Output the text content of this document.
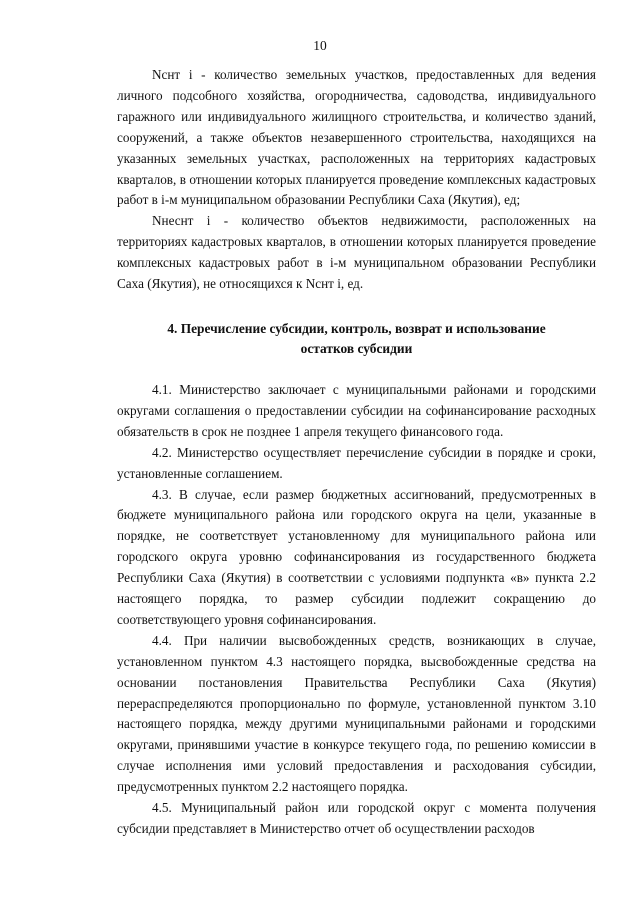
10

Nснт i - количество земельных участков, предоставленных для ведения личного подсобного хозяйства, огородничества, садоводства, индивидуального гаражного или индивидуального жилищного строительства, и количество зданий, сооружений, а также объектов незавершенного строительства, находящихся на указанных земельных участках, расположенных на территориях кадастровых кварталов, в отношении которых планируется проведение комплексных кадастровых работ в i-м муниципальном образовании Республики Саха (Якутия), ед;

Nнеснт i - количество объектов недвижимости, расположенных на территориях кадастровых кварталов, в отношении которых планируется проведение комплексных кадастровых работ в i-м муниципальном образовании Республики Саха (Якутия), не относящихся к Nснт i, ед.

4. Перечисление субсидии, контроль, возврат и использование остатков субсидии

4.1. Министерство заключает с муниципальными районами и городскими округами соглашения о предоставлении субсидии на софинансирование расходных обязательств в срок не позднее 1 апреля текущего финансового года.

4.2. Министерство осуществляет перечисление субсидии в порядке и сроки, установленные соглашением.

4.3. В случае, если размер бюджетных ассигнований, предусмотренных в бюджете муниципального района или городского округа на цели, указанные в порядке, не соответствует установленному для муниципального района или городского округа уровню софинансирования из государственного бюджета Республики Саха (Якутия) в соответствии с условиями подпункта «в» пункта 2.2 настоящего порядка, то размер субсидии подлежит сокращению до соответствующего уровня софинансирования.

4.4. При наличии высвобожденных средств, возникающих в случае, установленном пунктом 4.3 настоящего порядка, высвобожденные средства на основании постановления Правительства Республики Саха (Якутия) перераспределяются пропорционально по формуле, установленной пунктом 3.10 настоящего порядка, между другими муниципальными районами и городскими округами, принявшими участие в конкурсе текущего года, по решению комиссии в случае исполнения ими условий предоставления и расходования субсидии, предусмотренных пунктом 2.2 настоящего порядка.

4.5. Муниципальный район или городской округ с момента получения субсидии представляет в Министерство отчет об осуществлении расходов
